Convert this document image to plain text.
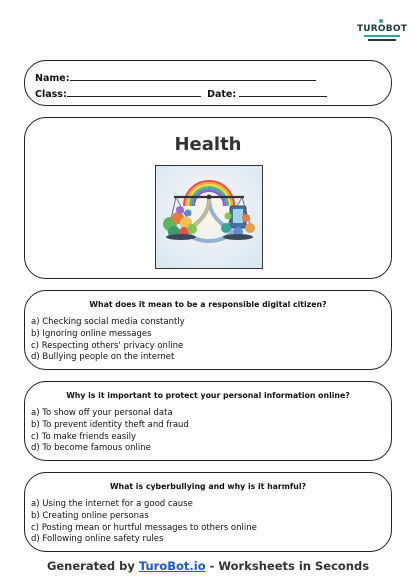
TUROBOT
Name:
Class:	Date:
Health
What does it mean to be a responsible digital citizen?
a) Checking social media constantly
b) Ignoring online messages
c) Respecting others' privacy online
d) Bullying people on the internet
Why is it important to protect your personal information online?
a) To show off your personal data
b) To prevent identity theft and fraud
c) To make friends easily
d) To become famous online
What is cyberbullying and why is it harmful?
a) Using the internet for a good cause
b) Creating online personas
c) Posting mean or hurtful messages to others online
d) Following online safety rules
Generated by TurоBot.io - Worksheets in Seconds
